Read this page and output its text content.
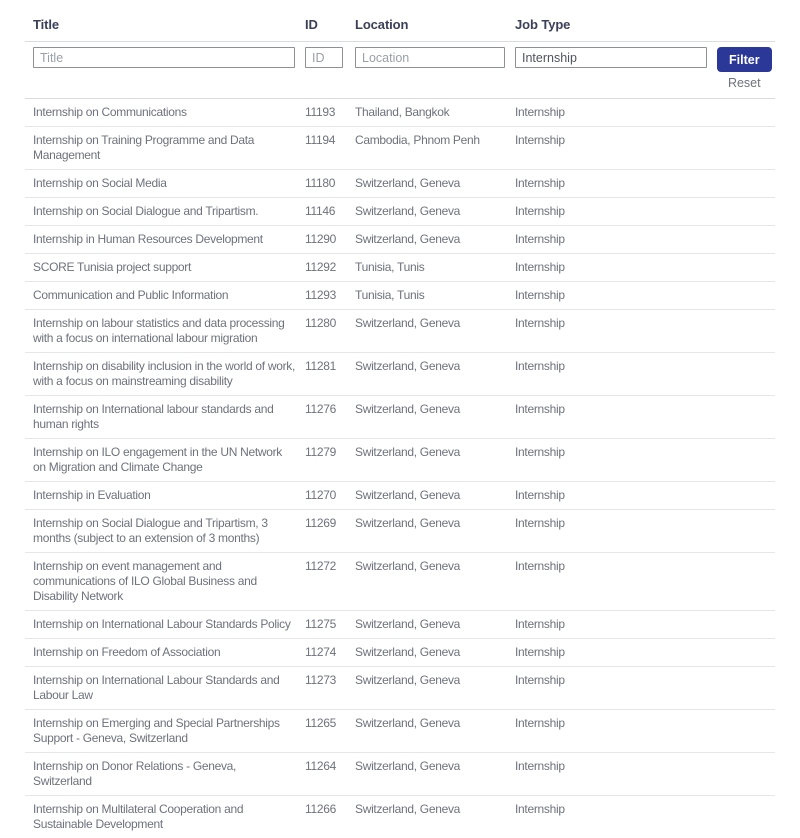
Title	ID	Location	Job Type
Title
ID
Location
Internship
Filter
Reset
Internship on Communications	11193	Thailand, Bangkok	Internship
Internship on Training Programme and Data Management
11194	Cambodia, Phnom Penh	Internship
Internship on Social Media	11180	Switzerland, Geneva	Internship
Internship on Social Dialogue and Tripartism.	11146	Switzerland, Geneva	Internship
Internship in Human Resources Development	11290	Switzerland, Geneva	Internship
SCORE Tunisia project support	11292	Tunisia, Tunis	Internship
Communication and Public Information	11293	Tunisia, Tunis	Internship
Internship on labour statistics and data processing with a focus on international labour migration
11280	Switzerland, Geneva	Internship
Internship on disability inclusion in the world of work, with a focus on mainstreaming disability
11281	Switzerland, Geneva	Internship
Internship on International labour standards and human rights
11276	Switzerland, Geneva	Internship
Internship on ILO engagement in the UN Network on Migration and Climate Change
11279	Switzerland, Geneva	Internship
Internship in Evaluation	11270	Switzerland, Geneva	Internship
Internship on Social Dialogue and Tripartism, 3 months (subject to an extension of 3 months)
11269	Switzerland, Geneva	Internship
Internship on event management and communications of ILO Global Business and Disability Network
11272	Switzerland, Geneva	Internship
Internship on International Labour Standards Policy	11275	Switzerland, Geneva	Internship
Internship on Freedom of Association	11274	Switzerland, Geneva	Internship
Internship on International Labour Standards and Labour Law
11273	Switzerland, Geneva	Internship
Internship on Emerging and Special Partnerships Support - Geneva, Switzerland
11265	Switzerland, Geneva	Internship
Internship on Donor Relations - Geneva, Switzerland
11264	Switzerland, Geneva	Internship
Internship on Multilateral Cooperation and Sustainable Development
11266	Switzerland, Geneva	Internship
